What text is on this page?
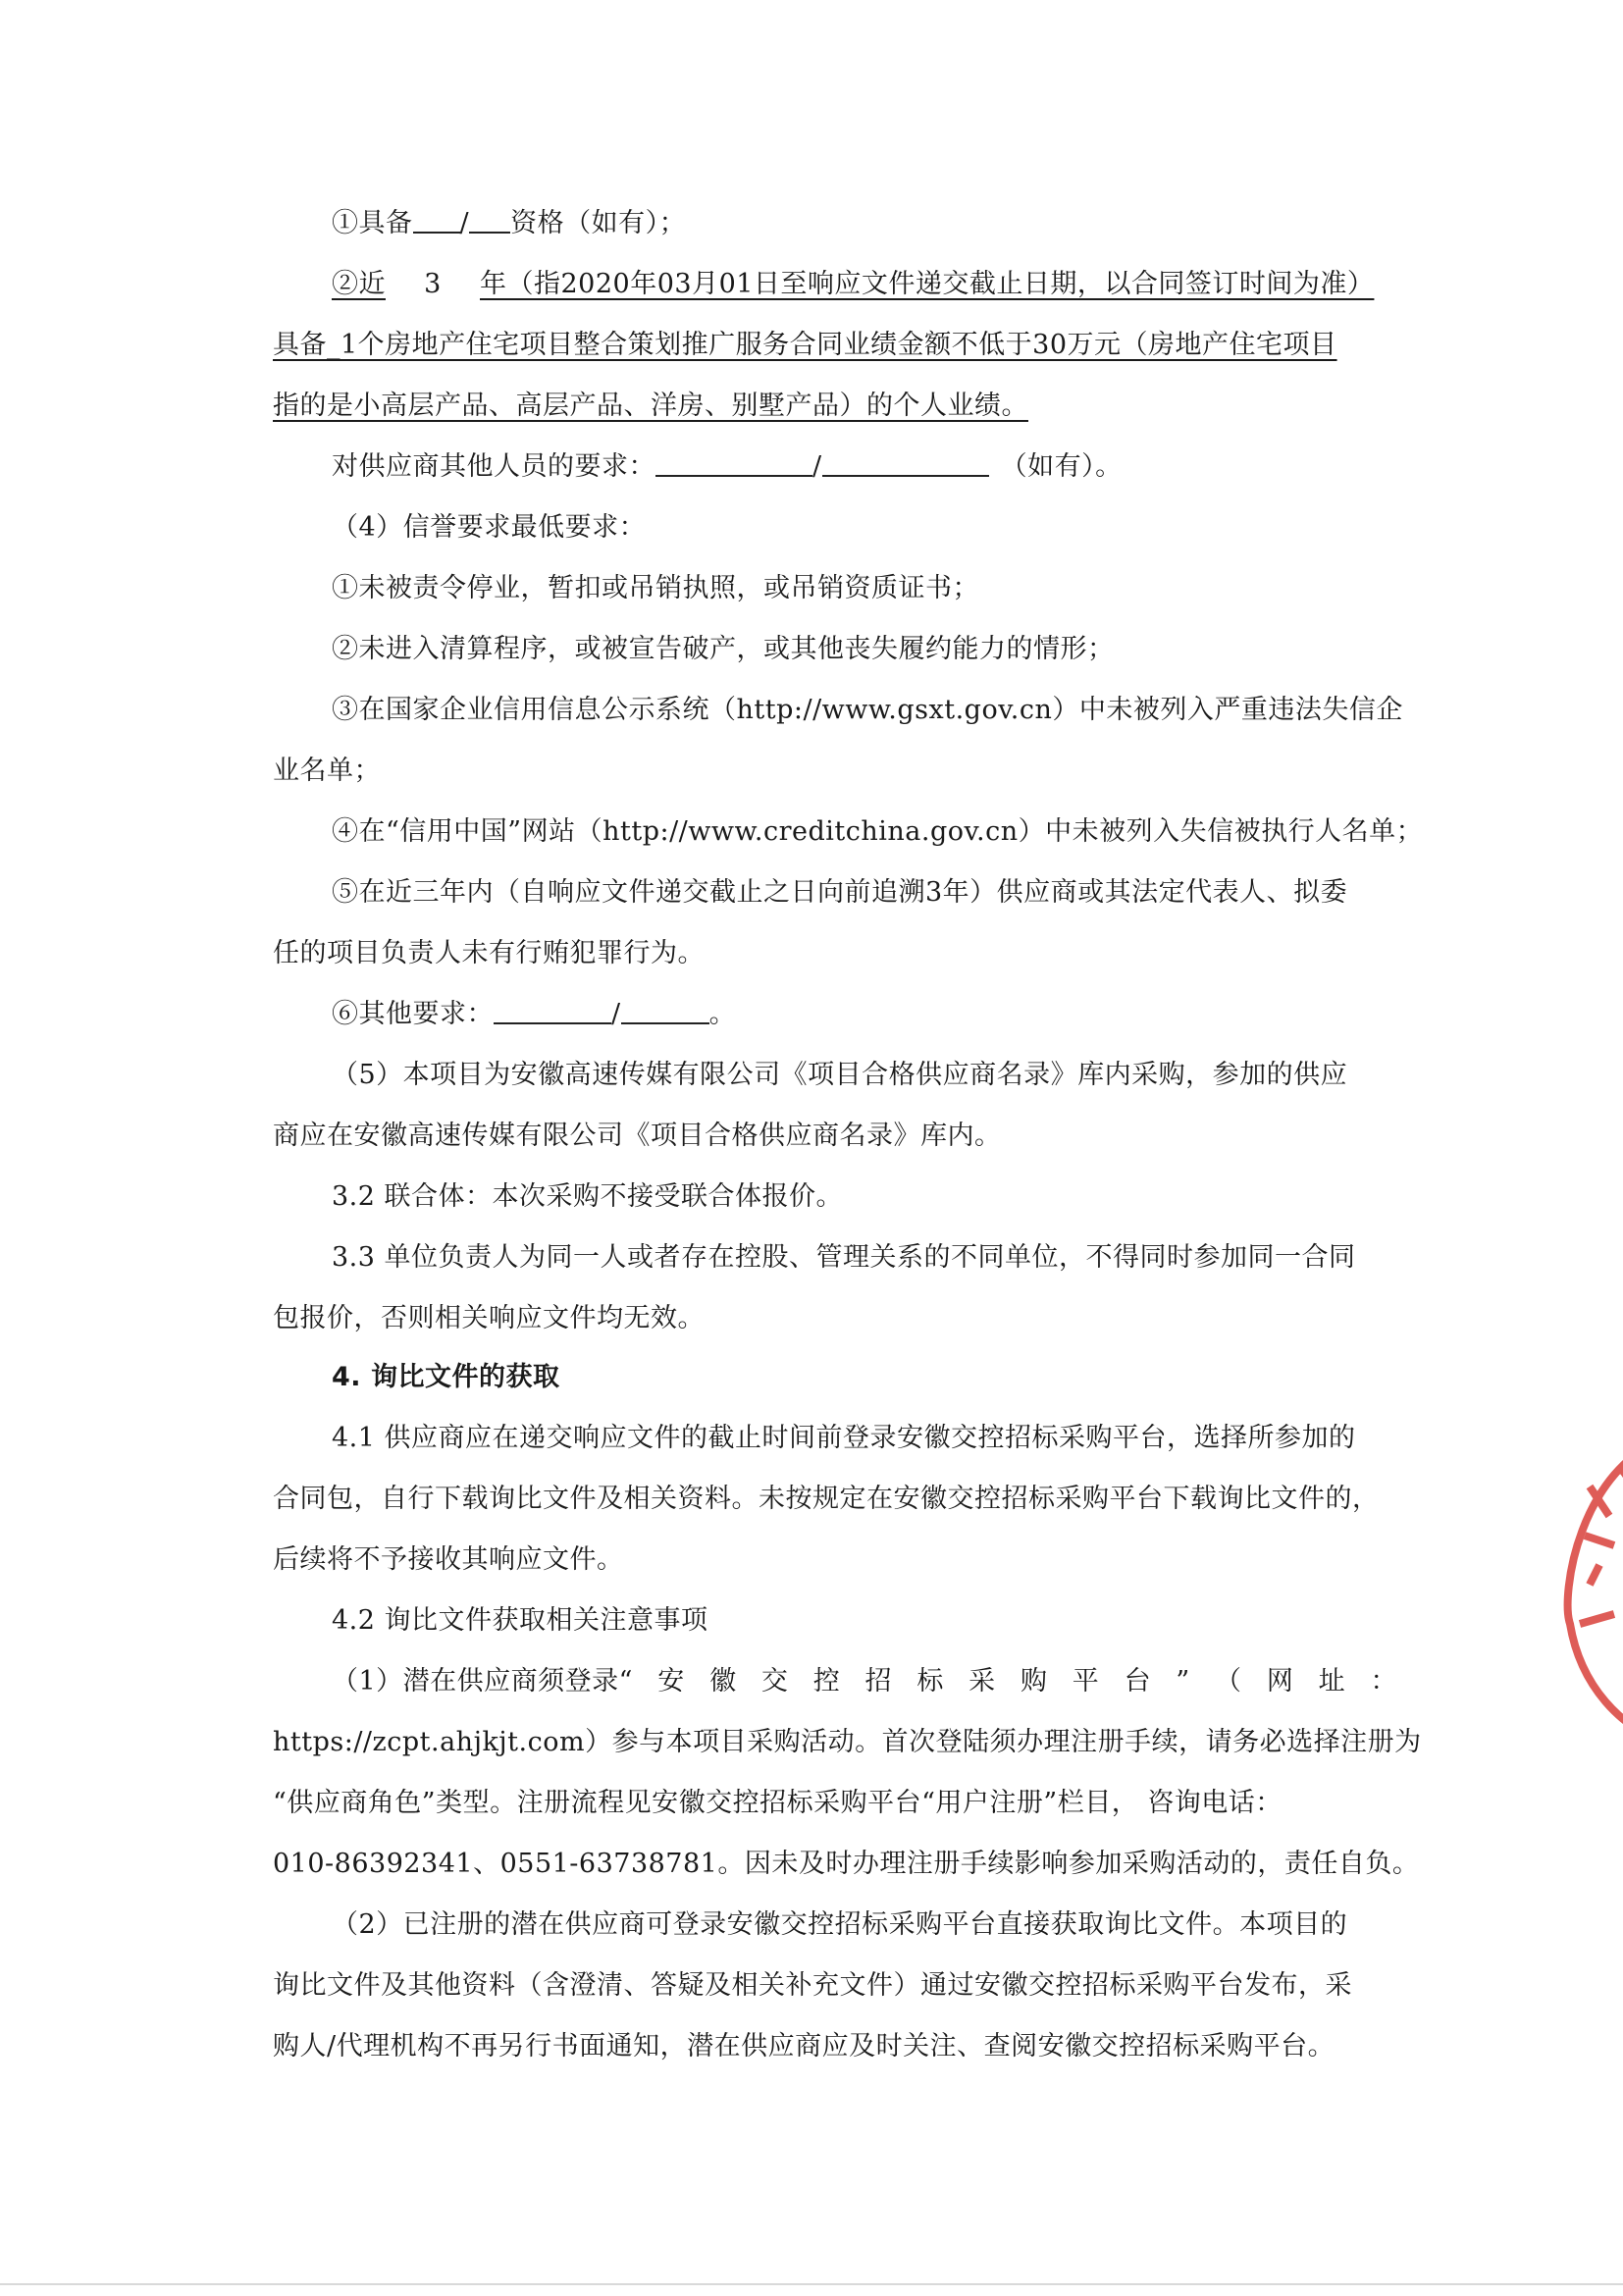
①具备 / 资格（如有）；
②近 3 年（指2020年03月01日至响应文件递交截止日期，以合同签订时间为准）
具备_1个房地产住宅项目整合策划推广服务合同业绩金额不低于30万元（房地产住宅项目
指的是小高层产品、高层产品、洋房、别墅产品）的个人业绩。
对供应商其他人员的要求：	/	（如有）。
（4）信誉要求最低要求：
①未被责令停业，暂扣或吊销执照，或吊销资质证书；
②未进入清算程序，或被宣告破产，或其他丧失履约能力的情形；
③在国家企业信用信息公示系统（http://www.gsxt.gov.cn）中未被列入严重违法失信企
业名单；
④在“信用中国”网站（http://www.creditchina.gov.cn）中未被列入失信被执行人名单；
⑤在近三年内（自响应文件递交截止之日向前追溯3年）供应商或其法定代表人、拟委
任的项目负责人未有行贿犯罪行为。
⑥其他要求：	/	。
（5）本项目为安徽高速传媒有限公司《项目合格供应商名录》库内采购，参加的供应
商应在安徽高速传媒有限公司《项目合格供应商名录》库内。
3.2 联合体：本次采购不接受联合体报价。
3.3 单位负责人为同一人或者存在控股、管理关系的不同单位，不得同时参加同一合同
包报价，否则相关响应文件均无效。
4. 询比文件的获取
4.1 供应商应在递交响应文件的截止时间前登录安徽交控招标采购平台，选择所参加的
合同包，自行下载询比文件及相关资料。未按规定在安徽交控招标采购平台下载询比文件的，
后续将不予接收其响应文件。
4.2 询比文件获取相关注意事项
（1）潜在供应商须登录“ 安 徽 交 控 招 标 采 购 平 台 ” （ 网 址 ：
https://zcpt.ahjkjt.com）参与本项目采购活动。首次登陆须办理注册手续，请务必选择注册为
“供应商角色”类型。注册流程见安徽交控招标采购平台“用户注册”栏目， 咨询电话：
010-86392341、0551-63738781。因未及时办理注册手续影响参加采购活动的，责任自负。
（2）已注册的潜在供应商可登录安徽交控招标采购平台直接获取询比文件。本项目的
询比文件及其他资料（含澄清、答疑及相关补充文件）通过安徽交控招标采购平台发布，采
购人/代理机构不再另行书面通知，潜在供应商应及时关注、查阅安徽交控招标采购平台。
